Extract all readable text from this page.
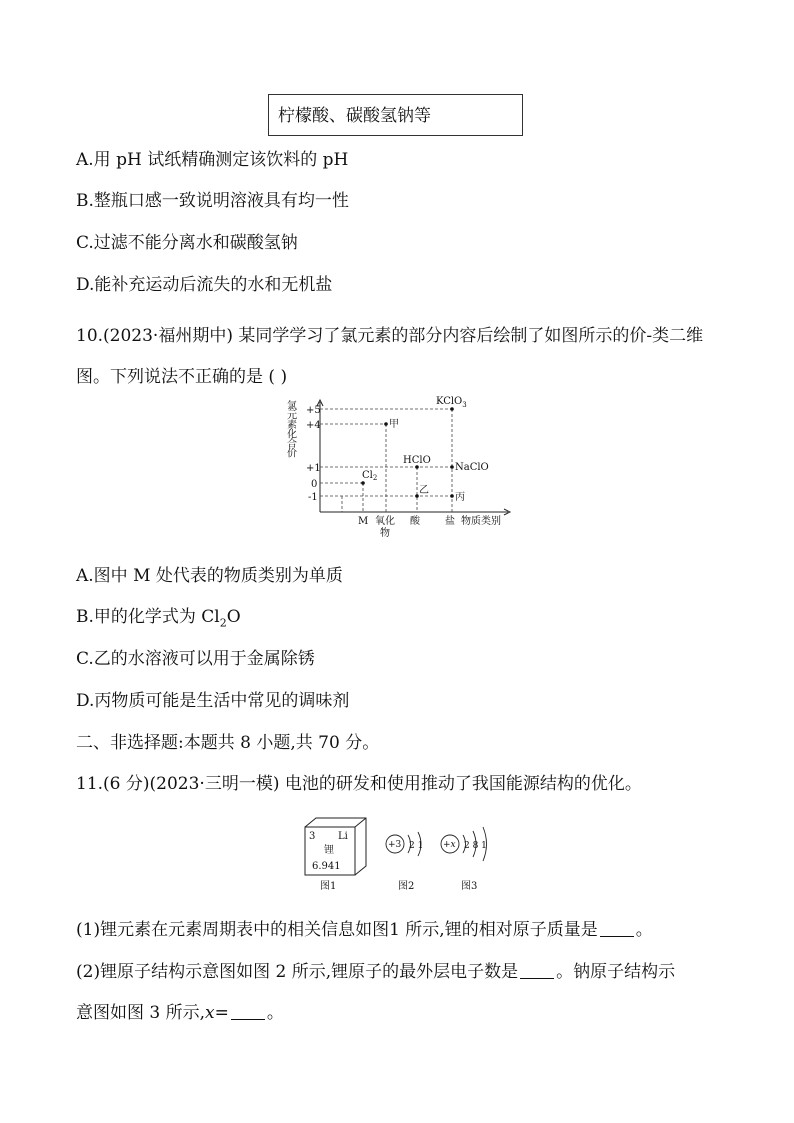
柠檬酸、碳酸氢钠等
A.用 pH 试纸精确测定该饮料的 pH
B.整瓶口感一致说明溶液具有均一性
C.过滤不能分离水和碳酸氢钠
D.能补充运动后流失的水和无机盐
10.(2023·福州期中) 某同学学习了氯元素的部分内容后绘制了如图所示的价-类二维图。下列说法不正确的是 ( )
氯元素化合价 +5
+4
+1
0
-1
M 氧化
物
酸	盐 物质类别
KClO$_3$
甲
$Cl_2$
HClO
NaClO
乙
丙
A.图中 M 处代表的物质类别为单质
B.甲的化学式为 $Cl_2O$
C.乙的水溶液可以用于金属除锈
D.丙物质可能是生活中常见的调味剂
二、非选择题:本题共 8 小题,共 70 分。
11.(6 分)(2023·三明一模) 电池的研发和使用推动了我国能源结构的优化。
3 Li
锂
6.941
图1
+3 2 1
图2
+x 2 8 1
图3
(1)锂元素在元素周期表中的相关信息如图1 所示,锂的相对原子质量是 。
(2)锂原子结构示意图如图 2 所示,锂原子的最外层电子数是 。钠原子结构示
意图如图 3 所示,x= 。
